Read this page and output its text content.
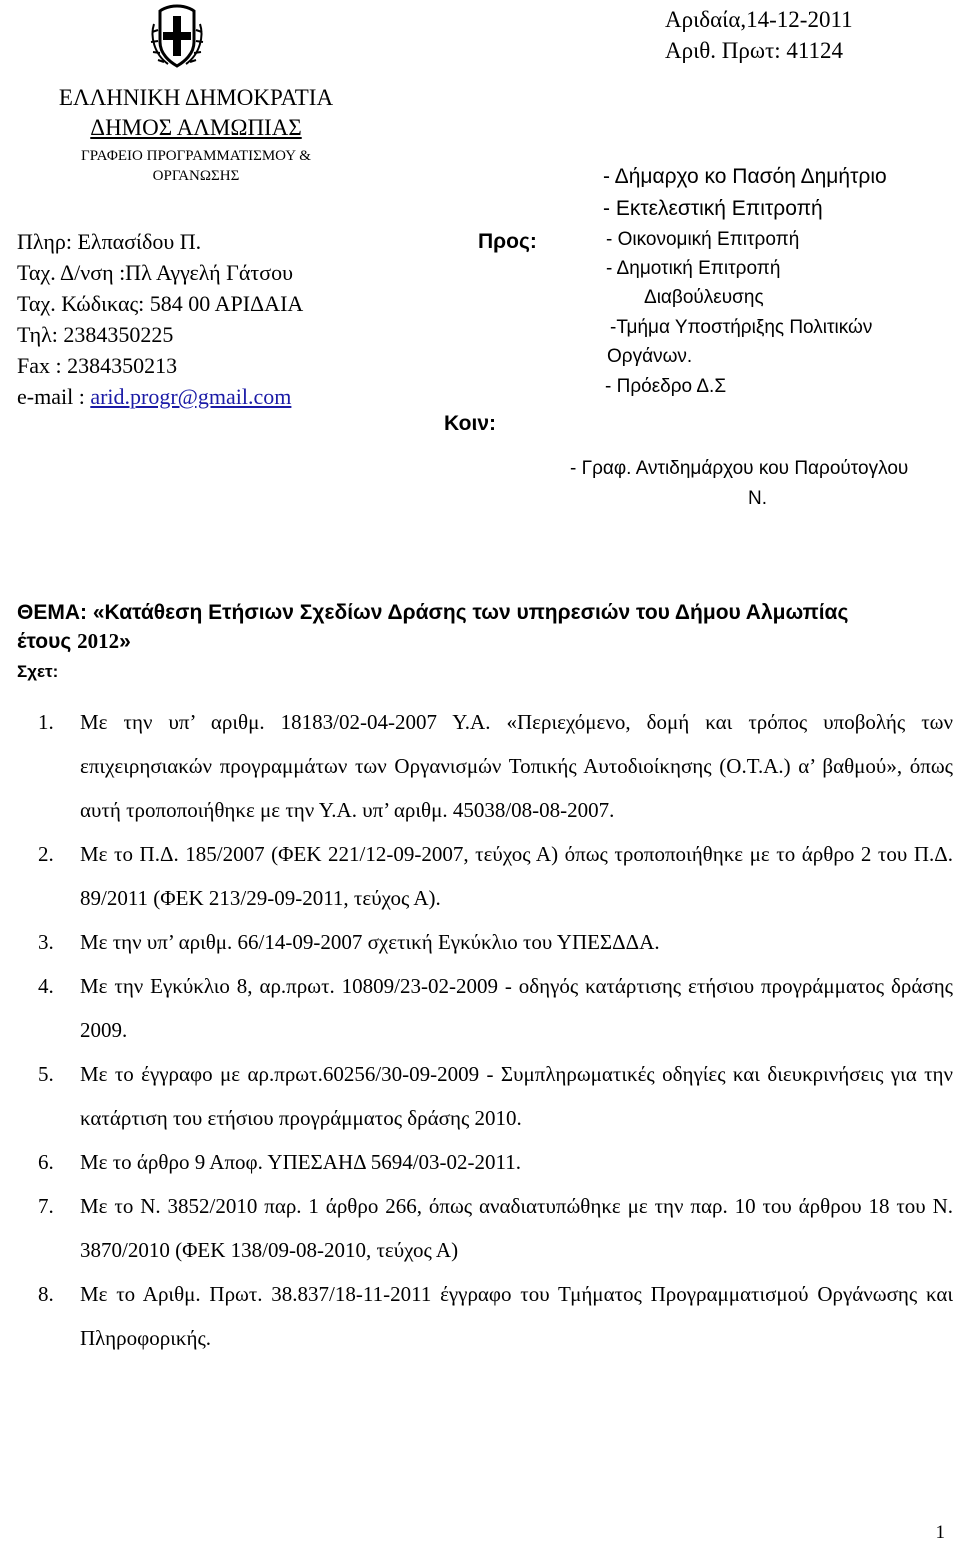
ΕΛΛΗΝΙΚΗ ΔΗΜΟΚΡΑΤΙΑ
ΔΗΜΟΣ ΑΛΜΩΠΙΑΣ
ΓΡΑΦΕΙΟ ΠΡΟΓΡΑΜΜΑΤΙΣΜΟΥ &
ΟΡΓΑΝΩΣΗΣ
Πληρ: Ελπασίδου Π.
Ταχ. Δ/νση :Πλ Αγγελή Γάτσου
Ταχ. Κώδικας: 584 00 ΑΡΙΔΑΙΑ
Τηλ: 2384350225
Fax : 2384350213
e-mail : arid.progr@gmail.com
Αριδαία,14-12-2011
Αριθ. Πρωτ: 41124
Προς:
Κοιν:
- Δήμαρχο κο Πασόη Δημήτριο
- Εκτελεστική Επιτροπή
- Οικονομική Επιτροπή
- Δημοτική Επιτροπή
Διαβούλευσης
-Τμήμα Υποστήριξης Πολιτικών
Οργάνων.
- Πρόεδρο Δ.Σ
- Γραφ. Αντιδημάρχου κου Παρούτογλου
Ν.
ΘΕΜΑ: «Κατάθεση Ετήσιων Σχεδίων Δράσης των υπηρεσιών του Δήμου Αλμωπίας
έτους 2012»
Σχετ:
1.	Με την υπ’ αριθμ. 18183/02-04-2007 Υ.Α. «Περιεχόμενο, δομή και τρόπος υποβολής των επιχειρησιακών προγραμμάτων των Οργανισμών Τοπικής Αυτοδιοίκησης (Ο.Τ.Α.) α’ βαθμού», όπως αυτή τροποποιήθηκε με την Υ.Α. υπ’ αριθμ. 45038/08-08-2007.
2.	Με το Π.Δ. 185/2007 (ΦΕΚ 221/12-09-2007, τεύχος Α) όπως τροποποιήθηκε με το άρθρο 2 του Π.Δ. 89/2011 (ΦΕΚ 213/29-09-2011, τεύχος Α).
3.	Με την υπ’ αριθμ. 66/14-09-2007 σχετική Εγκύκλιο του ΥΠΕΣΔΔΑ.
4.	Με την Εγκύκλιο 8, αρ.πρωτ. 10809/23-02-2009 - οδηγός κατάρτισης ετήσιου προγράμματος δράσης 2009.
5.	Με το έγγραφο με αρ.πρωτ.60256/30-09-2009 - Συμπληρωματικές οδηγίες και διευκρινήσεις για την κατάρτιση του ετήσιου προγράμματος δράσης 2010.
6.	Με το άρθρο 9 Αποφ. ΥΠΕΣΑΗΔ 5694/03-02-2011.
7.	Με το Ν. 3852/2010 παρ. 1 άρθρο 266, όπως αναδιατυπώθηκε με την παρ. 10 του άρθρου 18 του Ν. 3870/2010 (ΦΕΚ 138/09-08-2010, τεύχος Α)
8.	Με το Αριθμ. Πρωτ. 38.837/18-11-2011 έγγραφο του Τμήματος Προγραμματισμού Οργάνωσης και Πληροφορικής.
1
